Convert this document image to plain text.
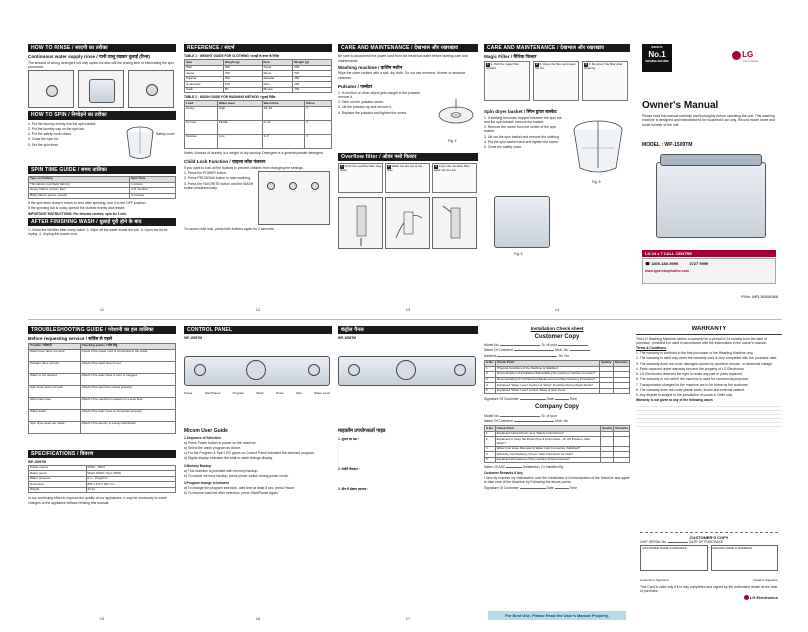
HOW TO RINSE / सादगी का तरीका
Continuous water supply rinse / पानी चालू रखकर धुलाई (रिन्स)
The amount of wrong detergent not only spoils but also will the rinsing time or eliminating the spin procedure.
HOW TO SPIN / निचोड़ने का तरीका
1. Put the laundry evenly into the spin basket.
2. Put the laundry cap on the spin tub.
3. Put the safety cover down.
4. Close the spin lid.
5. Set the spin timer.
Safety cover
SPIN TIME GUIDE / समय तालिका
Type of clothing	Spin Time
Thin fabrics (synthetic fabrics)	1 minute
Heavy fabrics (cotton, flax)	3~5 minutes
Bulky fabrics (jeans, towels)	5 minutes
If the spin timer doesn't return to zero after spinning, turn it to the OFF position.
If the spinning tub is noisy, spread the clothes evenly and restart.
IMPORTANT INSTRUCTIONS: For delicate clothes, spin for 1 min.
AFTER FINISHING WASH / धुलाई पूरी होने के बाद
1. Clean the lint filter after every wash. 2. Wipe off the water inside the tub. 3. Open the lid for drying. 4. Unplug the power cord.
11
REFERENCE / संदर्भ
TABLE 1 : WEIGHT GUIDE FOR CLOTHING / कपड़ों के वजन के निर्देश
Item	Weight (g)	Item	Weight (g)
Shirt	200	Towel	300
Jeans	700	Sheet	500
Pajama	500	Sweater	450
Underwear	100	Skirt	250
Sock	50	Blouse	150
TABLE 2 : WASH GUIDE FOR WASHING METHOD / धुलाई निर्देश
Load	Water level	Wash time	Rinse
Heavy	High	10~15	2
Normal	Middle	6~10	2
Delicate	Low	3~5	1
Notes: Amount of laundry is a weight of dry laundry. Detergent is a general powder detergent.
Child Lock Function / चाइल्ड लॉक फंक्शन
If you want to lock all the buttons to prevent children from changing the settings.
1. Press the POWER button.
2. Press PROGRAM button to start washing.
3. Press the FAVORITE button and the WASH button simultaneously.
To cancel child lock, press both buttons again for 3 seconds.
12
CARE AND MAINTENANCE / देखभाल और रखरखाव
Be sure to disconnect the power cord from the electrical outlet before starting care and maintenance.
Washing machine / वाशिंग मशीन
Wipe the outer surface with a soft, dry cloth. Do not use benzene, thinner or abrasive cleaners.
Pulsator / पल्सेटर
1. If a button or other object gets caught in the pulsator, remove it.
2. Take out the pulsator screw.
3. Lift the pulsator up and remove it.
4. Replace the pulsator and tighten the screw.
Fig. 4
Overflow filter / ओवर फ्लो फिल्टर
1 Push the overflow filter cap down.
2 Wash the lint out of the filter.
3 Insert the overflow filter back into the tub.
13
CARE AND MAINTENANCE / देखभाल और रखरखाव
Magic Filter / मैजिक फिल्टर
1 1. Pull the magic filter upward.
2 2. Open the filter and clean the lint.
3 3. Re-insert the filter after cleaning.
Spin dryer basket / स्पिन ड्रायर बास्केट
1. If clothing becomes trapped between the spin tub and the spin basket, remove the basket.
2. Remove the screw from the center of the spin basket.
3. Lift out the spin basket and remove the clothing.
4. Put the spin basket back and tighten the screw.
5. Close the safety cover.
Fig. 5
Fig. 6
14
INDIA'S
No.1
WASHING MACHINE
LG
Life's Good
Owner's Manual
Please read this manual carefully and thoroughly before operating the unit. This washing machine is designed and manufactured for household use only. Record model name and serial number of the unit.
MODEL : WP-1509TM
LG 24 x 7 CALL CENTRE
☎ 1800-180-9999	3727 9999
www.lgservicepluslive.com
P/No. MFL36508366
TROUBLESHOOTING GUIDE / परेशानी का हल तालिका
Before requesting service / सर्विस से पहले
Trouble / परेशानी	Checking points / जाँच बिंदु
Wash timer does not work	Check if the power cord is connected to the outlet.
Pulsator does not turn	Check if the wash timer is set.
Water is not drained	Check if the drain hose is bent or clogged.
Spin timer does not work	Check if the spin lid is closed properly.
Abnormal noise	Check if the machine is placed on a level floor.
Water leaks	Check if the drain hose is connected properly.
Spin dryer does not rotate	Check if the laundry is evenly distributed.
SPECIFICATIONS / विवरण
WP-1509TM
Power source	230V~, 50Hz
Rated power	Wash 400W / Spin 200W
Water pressure	0.3 ~ 8 kgf/cm²
Dimension	855 x 470 x 905 mm
Weight	24 kg
In our continuing effort to improve the quality of our appliances, it may be necessary to make changes to the appliance without revising this manual.
15
CONTROL PANEL
WP-1509TM
Power	Start/Pause	Program	Wash	Rinse	Spin	Water Level
Micom User Guide
1.Sequence of Selection
a) Press Power button to power on the machine.
b) Select the wash program as above.
c) For the Program & Spin LED glows on Control Panel indicates the selected program.
d) Digital display indicates the total or wash timings display.
2.Memory Backup
a) This machine is provided with memory backup.
b) To cancel memory backup, press power switch during power mode.
3.Program change in between
a) To change the program selection, wait time at least 5 sec, press Pause.
b) To resume machine after selection, press Start/Pause again.
16
कंट्रोल पैनल
WP-1509TM
माइकॉम उपयोगकर्ता गाइड
1. चुनाव का क्रम :
2. मेमोरी बैकअप :
3. बीच में प्रोग्राम बदलना :
17
Installation Check sheet
Customer Copy
Model No.	Sr. of your
Name Of Customer	Mob. No.
Address	Tel. No.
S.No.	Check Point	Quality	Remarks
1	Physical Condition of the Machine is Satisfied		
2	Demonstration of Installation/Disinstalling the washing machine is proper?		
3	Demonstrating of Lid Filter/Lint Basket and Overflow Cleaning Procedure?		
4	Explained 'Water Level' function & 'Water' Overflow During Wash Mode?		
5	Explained 'Water Level' control, Water & Spin Timer		
Signature Of Customer	Date	Time
Company Copy
Model No.	Sr. of your
Name Of Customer	Mob. No.
S.No.	Check Point	Quality	Remarks
1	Explained 'Hand Check' as & 'Safety' Instructions?		
2	Explained to Keep the Brush Pipe & Drain Hose - Or Off Position, After Wash?		
3	Water Inlet Hose Diameter & Water Inlet Connection Satisfied?		
4	Warranty card Delivery, Proper Cash Instruction for User?		
5	Explained all Features of the machine & Demo Ready?		
Name Of ASC	Installation, Dr Installed By
Customer Remarks If Any
I here by express my Satisfaction over the Installation & Demonstration of the Machine and agree to take care of the Machine by Following the above points.
Signature Of Customer	Date	Time
For Best Use, Please Read the User's Manual Properly.
WARRANTY
This LG Washing Machine carries a warranty for a period of 24 months from the date of purchase, provided it is used in accordance with the instructions in the owner's manual.
Terms & Conditions
1. The warranty is confined to the first purchaser of the Washing Machine only.
2. The warranty is valid only when the warranty card is duly completed with the purchase date.
3. The warranty does not cover damages caused by accident, misuse, or abnormal voltage.
4. Parts replaced under warranty become the property of LG Electronics.
5. LG Electronics reserves the right to retain any part or parts replaced.
6. The warranty is not valid if the machine is used for commercial purposes.
7. Transportation charges for the machine are to be borne by the customer.
8. The warranty does not cover plastic parts, knobs and external cabinet.
9. Any dispute is subject to the jurisdiction of courts in Delhi only.
Warranty is not given to any of the following cases
CUSTOMER'S COPY
UNIT SERIAL No.	DATE OF PURCHASE
CUSTOMER NAME & ADDRESS	DEALER NAME & ADDRESS
Customer's Signature	Dealer's Signature
This Card is valid only if it is duly completed and signed by the authorised dealer at the date of purchase.
LG Electronics
